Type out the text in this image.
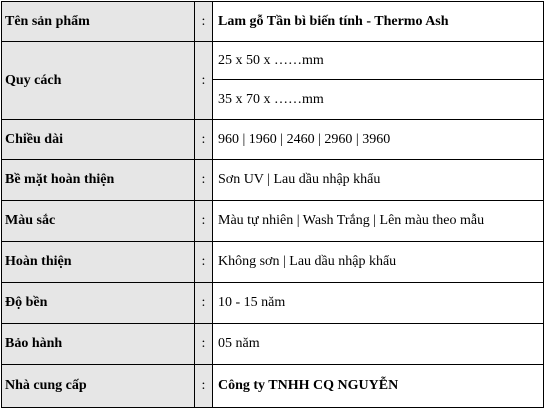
Tên sản phẩm	:	Lam gỗ Tần bì biến tính - Thermo Ash
Quy cách	:	25 x 50 x ……mm
		35 x 70 x ……mm
Chiều dài	:	960 | 1960 | 2460 | 2960 | 3960
Bề mặt hoàn thiện	:	Sơn UV | Lau dầu nhập khẩu
Màu sắc	:	Màu tự nhiên | Wash Trắng | Lên màu theo mẫu
Hoàn thiện	:	Không sơn | Lau dầu nhập khẩu
Độ bền	:	10 - 15 năm
Bảo hành	:	05 năm
Nhà cung cấp	:	Công ty TNHH CQ NGUYỄN
